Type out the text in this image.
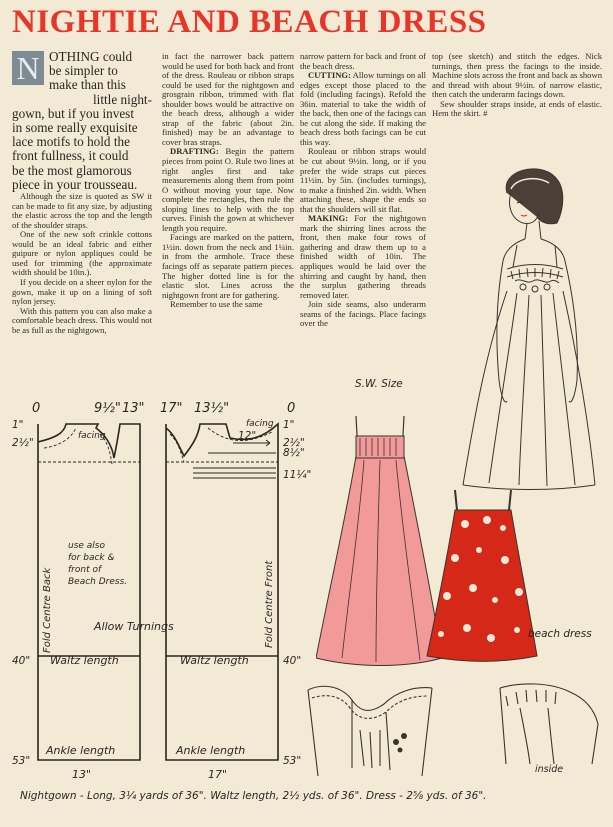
NIGHTIE AND BEACH DRESS
N OTHING could
be simpler to
make than this
little night-
gown, but if you invest
in some really exquisite
lace motifs to hold the
front fullness, it could
be the most glamorous
piece in your trousseau.

Although the size is quoted as SW it can be made to fit any size, by adjusting the elastic across the top and the length of the shoulder straps.

One of the new soft crinkle cottons would be an ideal fabric and either guipure or nylon appliques could be used for trimming (the approximate width should be 10in.).

If you decide on a sheer nylon for the gown, make it up on a lining of soft nylon jersey.

With this pattern you can also make a comfortable beach dress. This would not be as full as the nightgown,

in fact the narrower back pattern would be used for both back and front of the dress. Rouleau or ribbon straps could be used for the nightgown and grosgrain ribbon, trimmed with flat shoulder bows would be attractive on the beach dress, although a wider strap of the fabric (about 2in. finished) may be an advantage to cover bras straps.

DRAFTING: Begin the pattern pieces from point O. Rule two lines at right angles first and take measurements along them from point O without moving your tape. Now complete the rectangles, then rule the sloping lines to help with the top curves. Finish the gown at whichever length you require.

Facings are marked on the pattern, 1½in. down from the neck and 1¼in. in from the armhole. Trace these facings off as separate pattern pieces. The higher dotted line is for the elastic slot. Lines across the nightgown front are for gathering.

Remember to use the same

narrow pattern for back and front of the beach dress.

CUTTING: Allow turnings on all edges except those placed to the fold (including facings). Refold the 36in. material to take the width of the back, then one of the facings can be cut along the side. If making the beach dress both facings can be cut this way.

Rouleau or ribbon straps would be cut about 9½in. long, or if you prefer the wide straps cut pieces 11½in. by 5in. (includes turnings), to make a finished 2in. width. When attaching these, shape the ends so that the shoulders will sit flat.

MAKING: For the nightgown mark the shirring lines across the front, then make four rows of gathering and draw them up to a finished width of 10in. The appliques would be laid over the shirring and caught by hand, then the surplus gathering threads removed later.

Join side seams, also underarm seams of the facings. Place facings over the

top (see sketch) and stitch the edges. Nick turnings, then press the facings to the inside. Machine slots across the front and back as shown and thread with about 9½in. of narrow elastic, then catch the underarm facings down.

Sew shoulder straps inside, at ends of elastic. Hem the skirt. #

0	9½" 13" 17" 13½"	0
1"
2½"
40"
53"
1"
2½"
8½"
11¼"
40"
53"
12"
facing
facing
use also
for back &
front of
Beach Dress.
Fold Centre Back	Fold Centre Front
Allow Turnings
Waltz length	Waltz length
Ankle length	Ankle length
13"	17"
S.W. Size
beach dress
inside
Nightgown - Long, 3¼ yards of 36". Waltz length, 2½ yds. of 36". Dress - 2⅝ yds. of 36".
